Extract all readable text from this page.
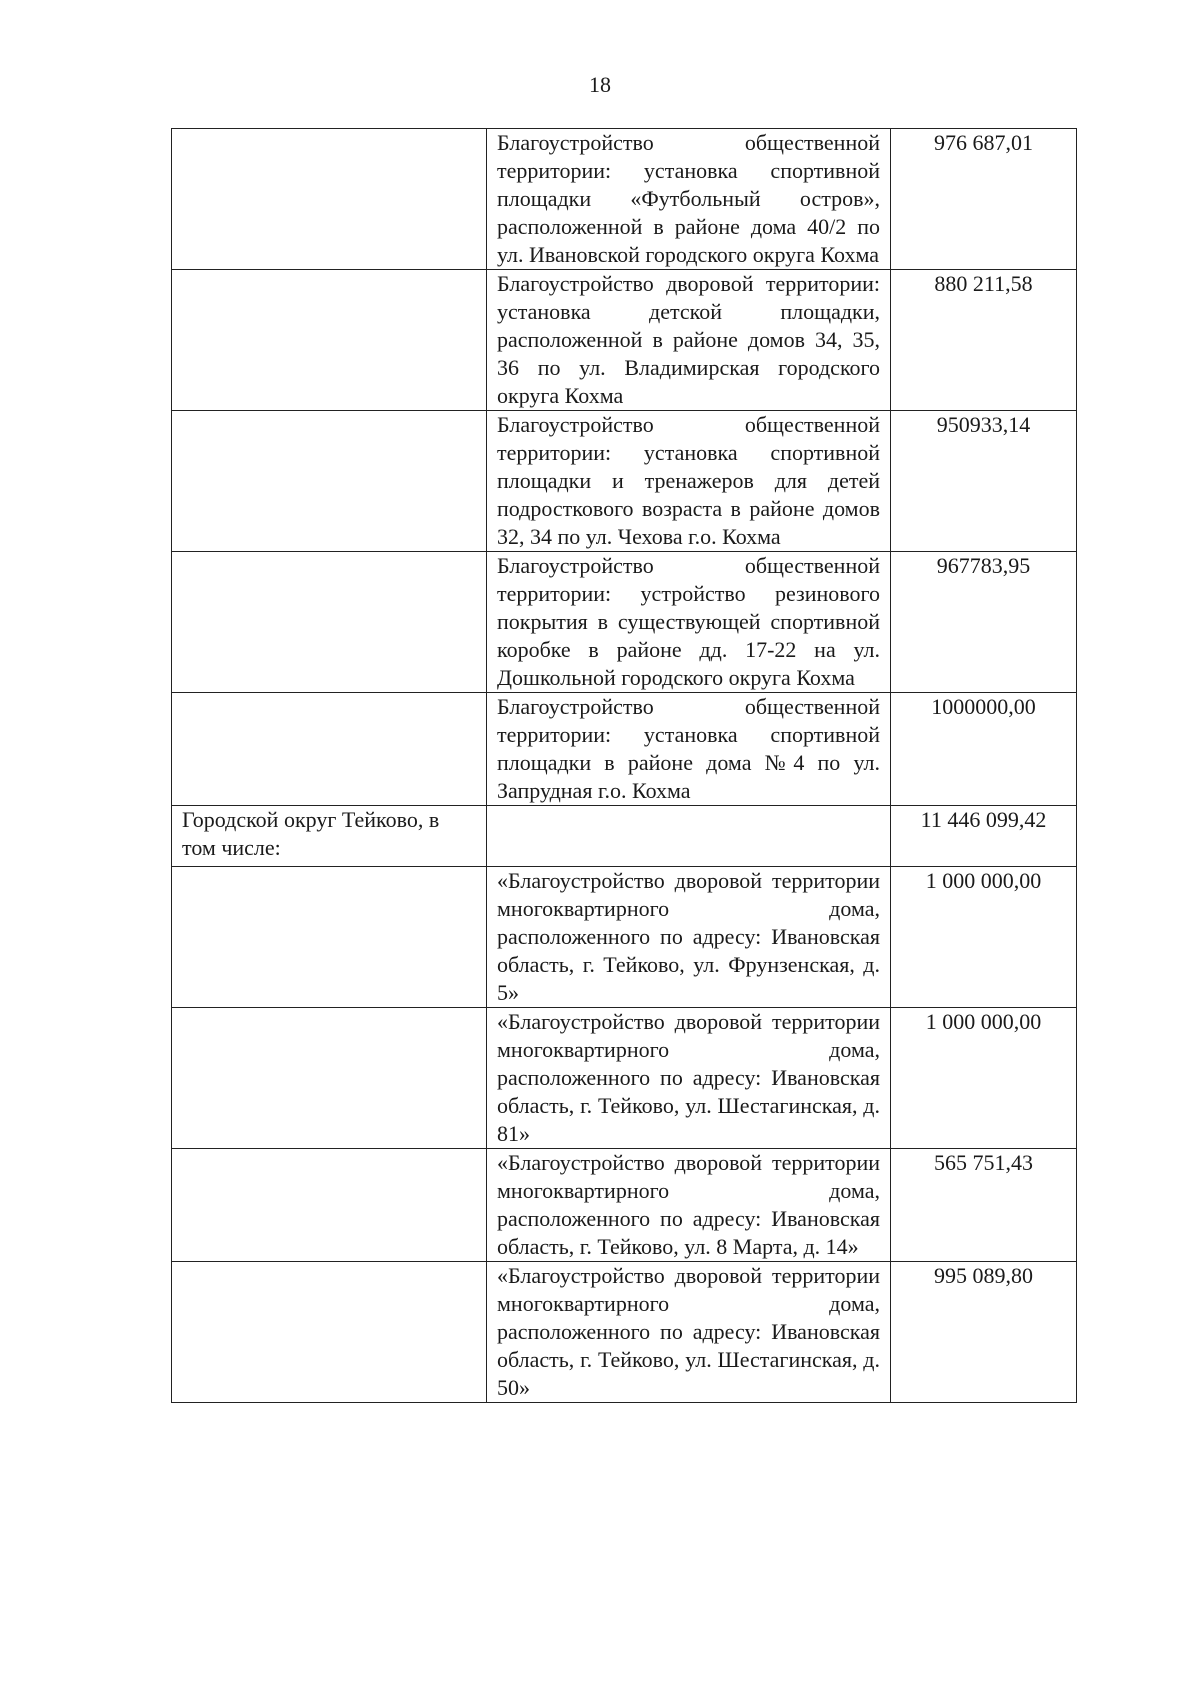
18
	Благоустройство общественной территории: установка спортивной площадки «Футбольный остров», расположенной в районе дома 40/2 по ул. Ивановской городского округа Кохма	976 687,01
	Благоустройство дворовой территории: установка детской площадки, расположенной в районе домов 34, 35, 36 по ул. Владимирская городского округа Кохма	880 211,58
	Благоустройство общественной территории: установка спортивной площадки и тренажеров для детей подросткового возраста в районе домов 32, 34 по ул. Чехова г.о. Кохма	950933,14
	Благоустройство общественной территории: устройство резинового покрытия в существующей спортивной коробке в районе дд. 17-22 на ул. Дошкольной городского округа Кохма	967783,95
	Благоустройство общественной территории: установка спортивной площадки в районе дома №4 по ул. Запрудная г.о. Кохма	1000000,00
Городской округ Тейково, в том числе:		11 446 099,42
	«Благоустройство дворовой территории многоквартирного дома, расположенного по адресу: Ивановская область, г. Тейково, ул. Фрунзенская, д. 5»	1 000 000,00
	«Благоустройство дворовой территории многоквартирного дома, расположенного по адресу: Ивановская область, г. Тейково, ул. Шестагинская, д. 81»	1 000 000,00
	«Благоустройство дворовой территории многоквартирного дома, расположенного по адресу: Ивановская область, г. Тейково, ул. 8 Марта, д. 14»	565 751,43
	«Благоустройство дворовой территории многоквартирного дома, расположенного по адресу: Ивановская область, г. Тейково, ул. Шестагинская, д. 50»	995 089,80
